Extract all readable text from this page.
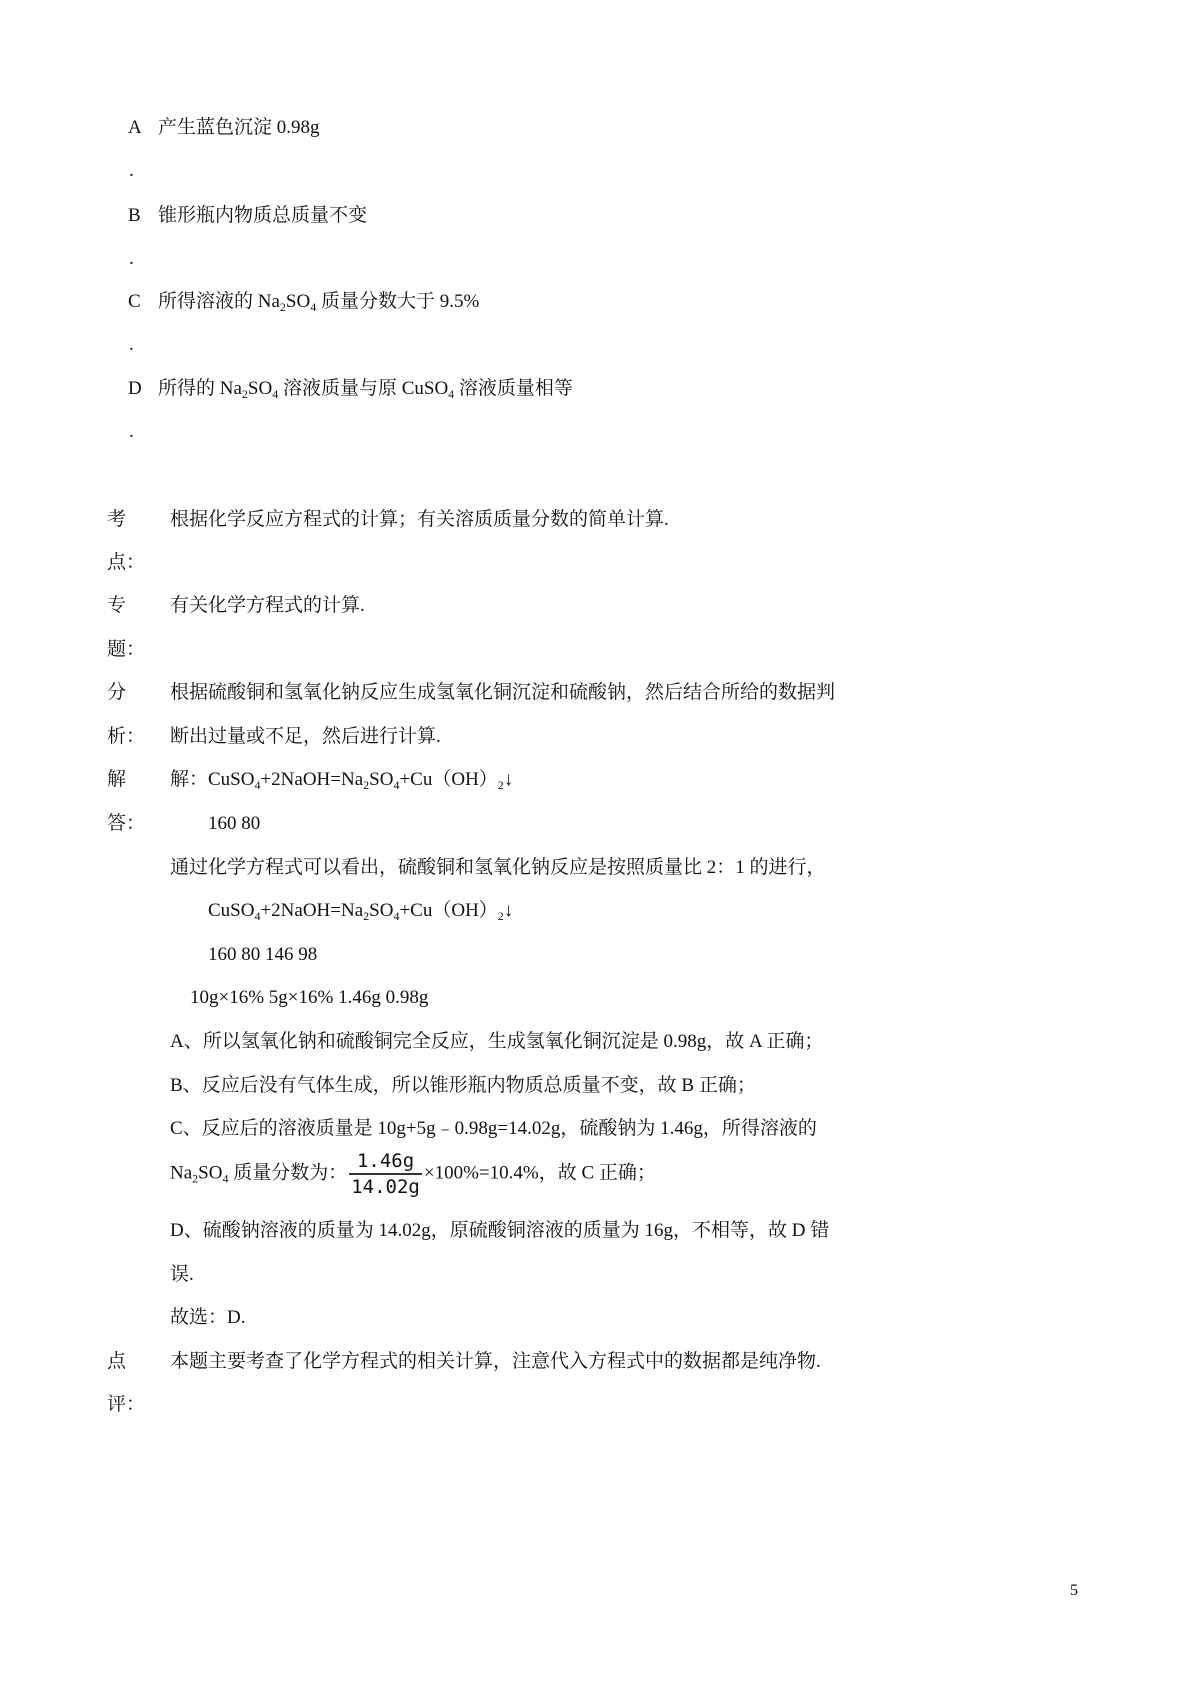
A 产生蓝色沉淀 0.98g
.
B 锥形瓶内物质总质量不变
.
C 所得溶液的 $Na_2SO_4$ 质量分数大于 9.5%
.
D 所得的 $Na_2SO_4$ 溶液质量与原 CuSO$_4$ 溶液质量相等
.
考
点：
根据化学反应方程式的计算；有关溶质质量分数的简单计算.
专
题：
有关化学方程式的计算.
分
析：
根据硫酸铜和氢氧化钠反应生成氢氧化铜沉淀和硫酸钠，然后结合所给的数据判
断出过量或不足，然后进行计算.
解
答：
解：$CuSO_4+2NaOH=Na_2SO_4+Cu(OH)_2↓$
160 80
通过化学方程式可以看出，硫酸铜和氢氧化钠反应是按照质量比 2：1 的进行，
$CuSO_4+2NaOH=Na_2SO_4+Cu(OH)_2↓$
160 80 146 98
10g×16% 5g×16% 1.46g 0.98g
A、所以氢氧化钠和硫酸铜完全反应，生成氢氧化铜沉淀是 0.98g，故 A 正确；
B、反应后没有气体生成，所以锥形瓶内物质总质量不变，故 B 正确；
C、反应后的溶液质量是 10g+5g﹣0.98g=14.02g，硫酸钠为 1.46g，所得溶液的
$Na_2SO_4$ 质量分数为： $\frac{1.46g}{14.02g} \times 100\%=10.4\%$，故 C 正确；
D、硫酸钠溶液的质量为 14.02g，原硫酸铜溶液的质量为 16g，不相等，故 D 错
误.
故选：D.
点
评：
本题主要考查了化学方程式的相关计算，注意代入方程式中的数据都是纯净物.
5
